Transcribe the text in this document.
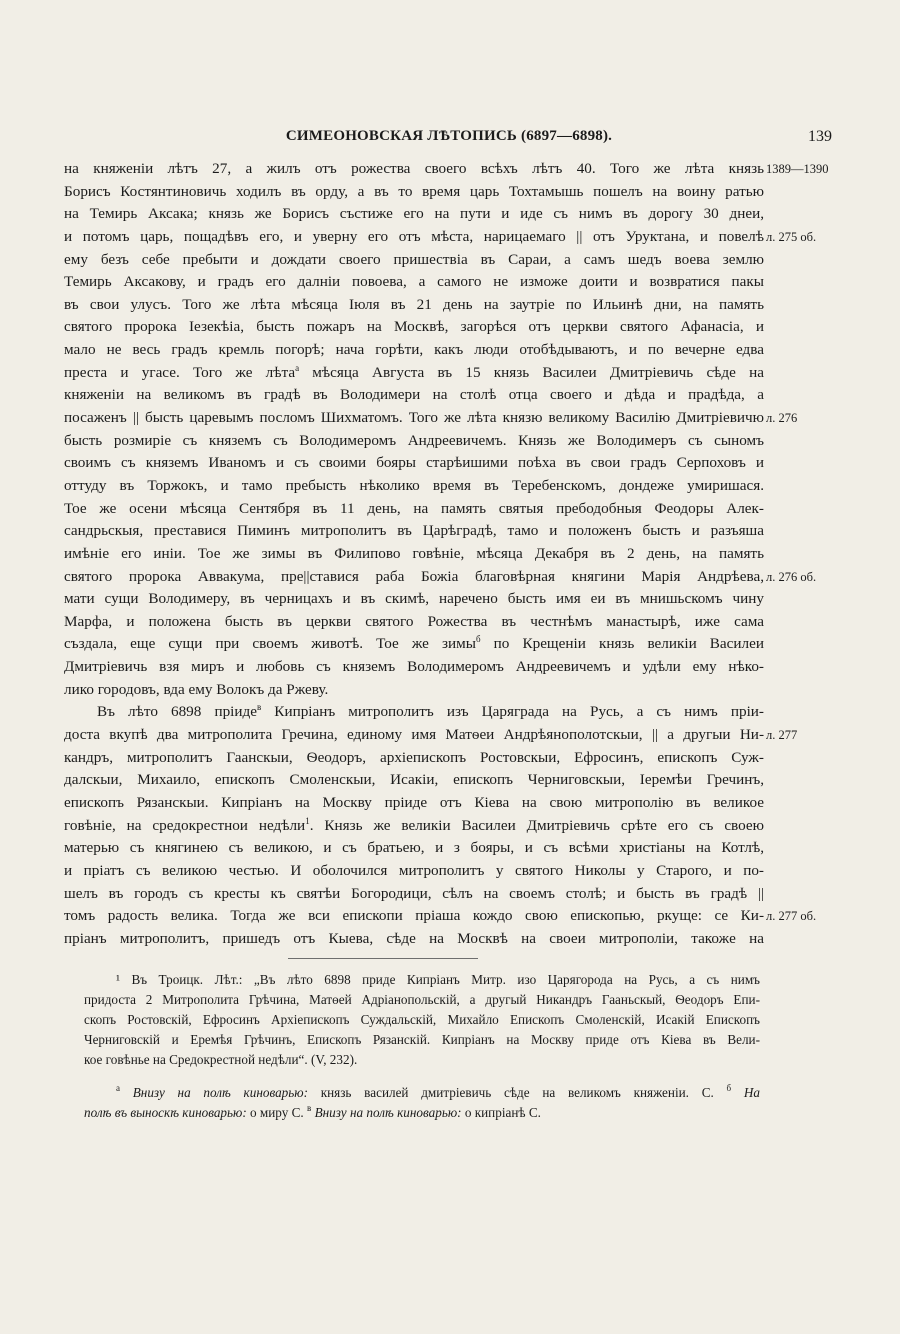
СИМЕОНОВСКАЯ ЛѢТОПИСЬ (6897—6898).	139
на княженіи лѣтъ 27, а жилъ отъ рожества своего всѣхъ лѣтъ 40. Того же лѣта князь 1389—1390
Борисъ Костянтиновичь ходилъ въ орду, а въ то время царь Тохтамышь пошелъ на воину ратью
на Темирь Аксака; князь же Борисъ състиже его на пути и иде съ нимъ въ дорогу 30 днеи,
и потомъ царь, пощадѣвъ его, и уверну его отъ мѣста, нарицаемаго || отъ Уруктана, и повелѣ л. 275 об.
ему безъ себе пребыти и дождати своего пришествіа въ Сараи, а самъ шедъ воева землю
Темирь Аксакову, и градъ его далніи повоева, а самого не изможе доити и возвратися пакы
въ свои улусъ. Того же лѣта мѣсяца Іюля въ 21 день на заутріе по Ильинѣ дни, на память
святого пророка Іезекѣіа, бысть пожаръ на Москвѣ, загорѣся отъ церкви святого Афанасіа, и
мало не весь градъ кремль погорѣ; нача горѣти, какъ люди отобѣдываютъ, и по вечерне едва
преста и угасе. Того же лѣта$^а$ мѣсяца Августа въ 15 князь Василеи Дмитріевичь сѣде на
княженіи на великомъ въ градѣ въ Володимери на столѣ отца своего и дѣда и прадѣда, а
посаженъ || бысть царевымъ посломъ Шихматомъ. Того же лѣта князю великому Василію Дмитріевичю л. 276
бысть розмиріе съ княземъ съ Володимеромъ Андреевичемъ. Князь же Володимеръ съ сыномъ
своимъ съ княземъ Иваномъ и съ своими бояры старѣишими поѣха въ свои градъ Серпоховъ и
оттуду въ Торжокъ, и тамо пребысть нѣколико время въ Теребенскомъ, дондеже умиришася.
Тое же осени мѣсяца Сентября въ 11 день, на память святыя пребодобныя Феодоры Алек-
сандрьскыя, преставися Пиминъ митрополитъ въ Царѣградѣ, тамо и положенъ бысть и разъяша
имѣніе его иніи. Тое же зимы въ Филипово говѣніе, мѣсяца Декабря въ 2 день, на память
святого пророка Аввакума, пре||ставися раба Божіа благовѣрная княгини Марія Андрѣева, л. 276 об.
мати сущи Володимеру, въ черницахъ и въ скимѣ, наречено бысть имя еи въ мнишьскомъ чину
Марфа, и положена бысть въ церкви святого Рожества въ честнѣмъ манастырѣ, иже сама
създала, еще сущи при своемъ животѣ. Тое же зимы$^б$ по Крещеніи князь великіи Василеи
Дмитріевичь взя миръ и любовь съ княземъ Володимеромъ Андреевичемъ и удѣли ему нѣко-
лико городовъ, вда ему Волокъ да Ржеву.
Въ лѣто 6898 пріиде$^в$ Кипріанъ митрополитъ изъ Царяграда на Русь, а съ нимъ пріи-
доста вкупѣ два митрополита Гречина, единому имя Матѳеи Андрѣянополотскыи, || а другыи Ни- л. 277
кандръ, митрополитъ Гаанскыи, Ѳеодоръ, архіепископъ Ростовскыи, Ефросинъ, епископъ Суж-
далскыи, Михаило, епископъ Смоленскыи, Исакіи, епископъ Черниговскыи, Іеремѣи Гречинъ,
епископъ Рязанскыи. Кипріанъ на Москву пріиде отъ Кіева на свою митрополію въ великое
говѣніе, на средокрестнои недѣли$^1$. Князь же великіи Василеи Дмитріевичь срѣте его съ своею
матерью съ княгинею съ великою, и съ братьею, и з бояры, и съ всѣми христіаны на Котлѣ,
и пріатъ съ великою честью. И оболочился митрополитъ у святого Николы у Старого, и по-
шелъ въ городъ съ кресты къ святѣи Богородици, сѣлъ на своемъ столѣ; и бысть въ градѣ ||
томъ радость велика. Тогда же вси епископи пріаша кождо свою епископью, ркуще: се Ки- л. 277 об.
пріанъ митрополитъ, пришедъ отъ Кыева, сѣде на Москвѣ на своеи митрополіи, такожe на
¹ Въ Троицк. Лѣт.: „Въ лѣто 6898 приде Кипріанъ Митр. изо Царягорода на Русь, а съ нимъ
придоста 2 Митрополита Грѣчина, Матѳей Адріанопольскій, а другый Никандръ Гааньскый, Ѳеодоръ Епи-
скопъ Ростовскій, Ефросинъ Архіепископъ Суждальскій, Михайло Епископъ Смоленскій, Исакій Епископъ
Черниговскій и Еремѣя Грѣчинъ, Епископъ Рязанскій. Кипріанъ на Москву приде отъ Кіева въ Вели-
кое говѣнье на Средокрестной недѣли“. (V, 232).
$^а$ Внизу на полѣ киноварью: князь василей дмитріевичь сѣде на великомъ княженіи. С. $^б$ На
полѣ въ выноскѣ киноварью: о миру С. $^в$ Внизу на полѣ киноварью: о кипріанѣ С.
